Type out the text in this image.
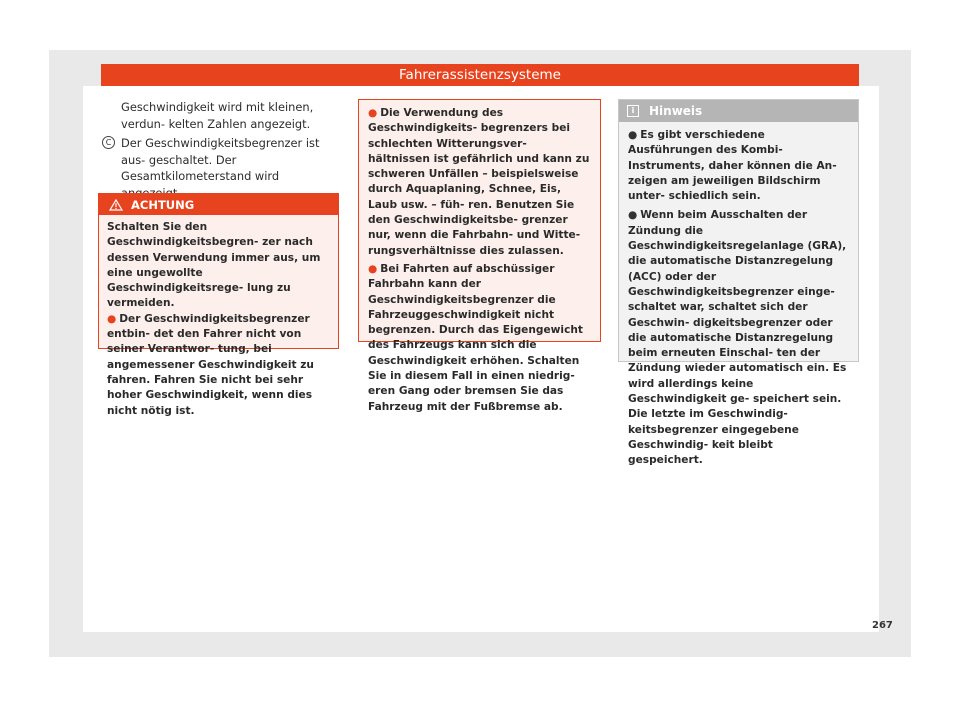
Fahrerassistenzsysteme

Geschwindigkeit wird mit kleinen, verdun- kelten Zahlen angezeigt.

C Der Geschwindigkeitsbegrenzer ist aus- geschaltet. Der Gesamtkilometerstand wird
ACHTUNG

Schalten Sie den Geschwindigkeitsbegren- zer nach dessen Verwendung immer aus, um eine ungewollte Geschwindigkeitsrege- lung zu vermeiden.

● Der Geschwindigkeitsbegrenzer entbin- det den Fahrer nicht von seiner Verantwor- tung, bei angemessener Geschwindigkeit zu fahren. Fahren Sie nicht bei sehr hoher Geschwindigkeit, wenn dies nicht nötig ist.

● Die Verwendung des Geschwindigkeits- begrenzers bei schlechten Witterungsver- hältnissen ist gefährlich und kann zu schweren Unfällen – beispielsweise durch Aquaplaning, Schnee, Eis, Laub usw. – füh- ren. Benutzen Sie den Geschwindigkeitsbe- grenzer nur, wenn die Fahrbahn- und Witte- rungsverhältnisse dies zulassen.

● Bei Fahrten auf abschüssiger Fahrbahn kann der Geschwindigkeitsbegrenzer die Fahrzeuggeschwindigkeit nicht begrenzen. Durch das Eigengewicht des Fahrzeugs kann sich die Geschwindigkeit erhöhen. Schalten Sie in diesem Fall in einen niedrig- eren Gang oder bremsen Sie das Fahrzeug mit der Fußbremse ab.

i	Hinweis

● Es gibt verschiedene Ausführungen des Kombi-Instruments, daher können die An- zeigen am jeweiligen Bildschirm unter- schiedlich sein.

● Wenn beim Ausschalten der Zündung die Geschwindigkeitsregelanlage (GRA), die automatische Distanzregelung (ACC) oder der Geschwindigkeitsbegrenzer einge- schaltet war, schaltet sich der Geschwin- digkeitsbegrenzer oder die automatische Distanzregelung beim erneuten Einschal- ten der Zündung wieder automatisch ein. Es wird allerdings keine Geschwindigkeit ge- speichert sein. Die letzte im Geschwindig- keitsbegrenzer eingegebene Geschwindig- keit bleibt gespeichert.

267
